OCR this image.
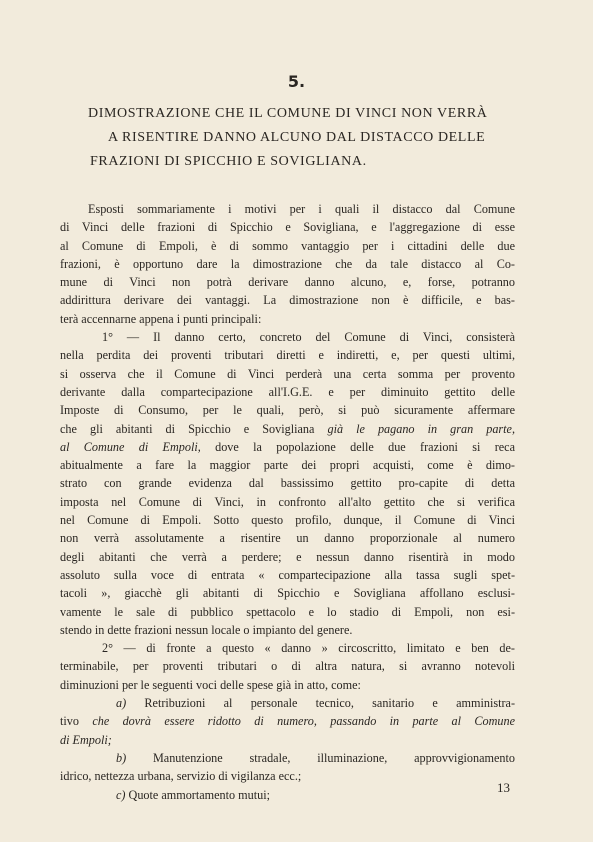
5.
DIMOSTRAZIONE CHE IL COMUNE DI VINCI NON VERRÀ
A RISENTIRE DANNO ALCUNO DAL DISTACCO DELLE
FRAZIONI DI SPICCHIO E SOVIGLIANA.
Esposti sommariamente i motivi per i quali il distacco dal Comune
di Vinci delle frazioni di Spicchio e Sovigliana, e l'aggregazione di esse
al Comune di Empoli, è di sommo vantaggio per i cittadini delle due
frazioni, è opportuno dare la dimostrazione che da tale distacco al Co-
mune di Vinci non potrà derivare danno alcuno, e, forse, potranno
addirittura derivare dei vantaggi. La dimostrazione non è difficile, e bas-
terà accennarne appena i punti principali:
1° — Il danno certo, concreto del Comune di Vinci, consisterà
nella perdita dei proventi tributari diretti e indiretti, e, per questi ultimi,
si osserva che il Comune di Vinci perderà una certa somma per provento
derivante dalla compartecipazione all'I.G.E. e per diminuito gettito delle
Imposte di Consumo, per le quali, però, si può sicuramente affermare
che gli abitanti di Spicchio e Sovigliana già le pagano in gran parte,
al Comune di Empoli, dove la popolazione delle due frazioni si reca
abitualmente a fare la maggior parte dei propri acquisti, come è dimo-
strato con grande evidenza dal bassissimo gettito pro-capite di detta
imposta nel Comune di Vinci, in confronto all'alto gettito che si verifica
nel Comune di Empoli. Sotto questo profilo, dunque, il Comune di Vinci
non verrà assolutamente a risentire un danno proporzionale al numero
degli abitanti che verrà a perdere; e nessun danno risentirà in modo
assoluto sulla voce di entrata « compartecipazione alla tassa sugli spet-
tacoli », giacchè gli abitanti di Spicchio e Sovigliana affollano esclusi-
vamente le sale di pubblico spettacolo e lo stadio di Empoli, non esi-
stendo in dette frazioni nessun locale o impianto del genere.
2° — di fronte a questo « danno » circoscritto, limitato e ben de-
terminabile, per proventi tributari o di altra natura, si avranno notevoli
diminuzioni per le seguenti voci delle spese già in atto, come:
a) Retribuzioni al personale tecnico, sanitario e amministra-
tivo che dovrà essere ridotto di numero, passando in parte al Comune
di Empoli;
b) Manutenzione stradale, illuminazione, approvvigionamento
idrico, nettezza urbana, servizio di vigilanza ecc.;
c) Quote ammortamento mutui;	13
